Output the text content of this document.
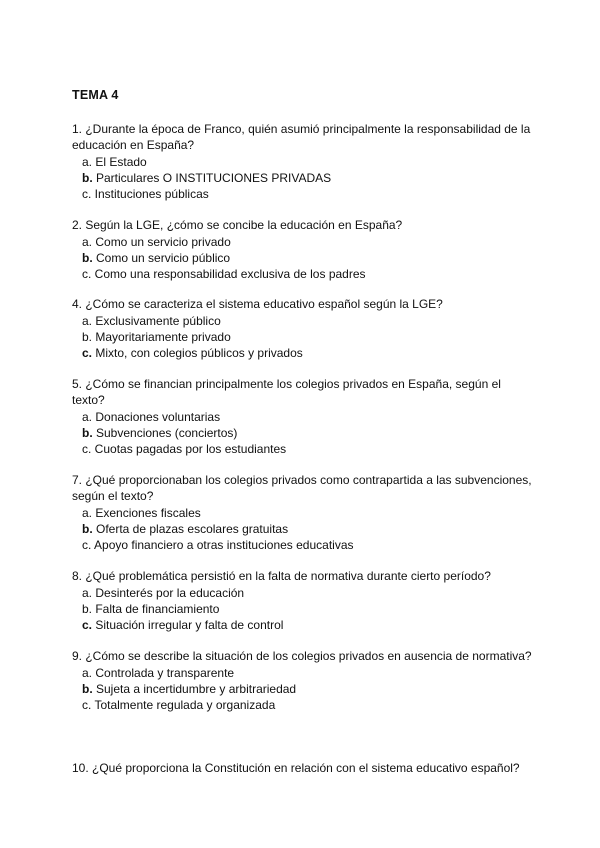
TEMA 4

1. ¿Durante la época de Franco, quién asumió principalmente la responsabilidad de la educación en España?

a. El Estado
b. Particulares O INSTITUCIONES PRIVADAS
c. Instituciones públicas

2. Según la LGE, ¿cómo se concibe la educación en España?

a. Como un servicio privado
b. Como un servicio público
c. Como una responsabilidad exclusiva de los padres

4. ¿Cómo se caracteriza el sistema educativo español según la LGE?

a. Exclusivamente público
b. Mayoritariamente privado
c. Mixto, con colegios públicos y privados

5. ¿Cómo se financian principalmente los colegios privados en España, según el texto?

a. Donaciones voluntarias
b. Subvenciones (conciertos)
c. Cuotas pagadas por los estudiantes

7. ¿Qué proporcionaban los colegios privados como contrapartida a las subvenciones, según el texto?

a. Exenciones fiscales
b. Oferta de plazas escolares gratuitas
c. Apoyo financiero a otras instituciones educativas

8. ¿Qué problemática persistió en la falta de normativa durante cierto período?

a. Desinterés por la educación
b. Falta de financiamiento
c. Situación irregular y falta de control

9. ¿Cómo se describe la situación de los colegios privados en ausencia de normativa?

a. Controlada y transparente
b. Sujeta a incertidumbre y arbitrariedad
c. Totalmente regulada y organizada

10. ¿Qué proporciona la Constitución en relación con el sistema educativo español?
